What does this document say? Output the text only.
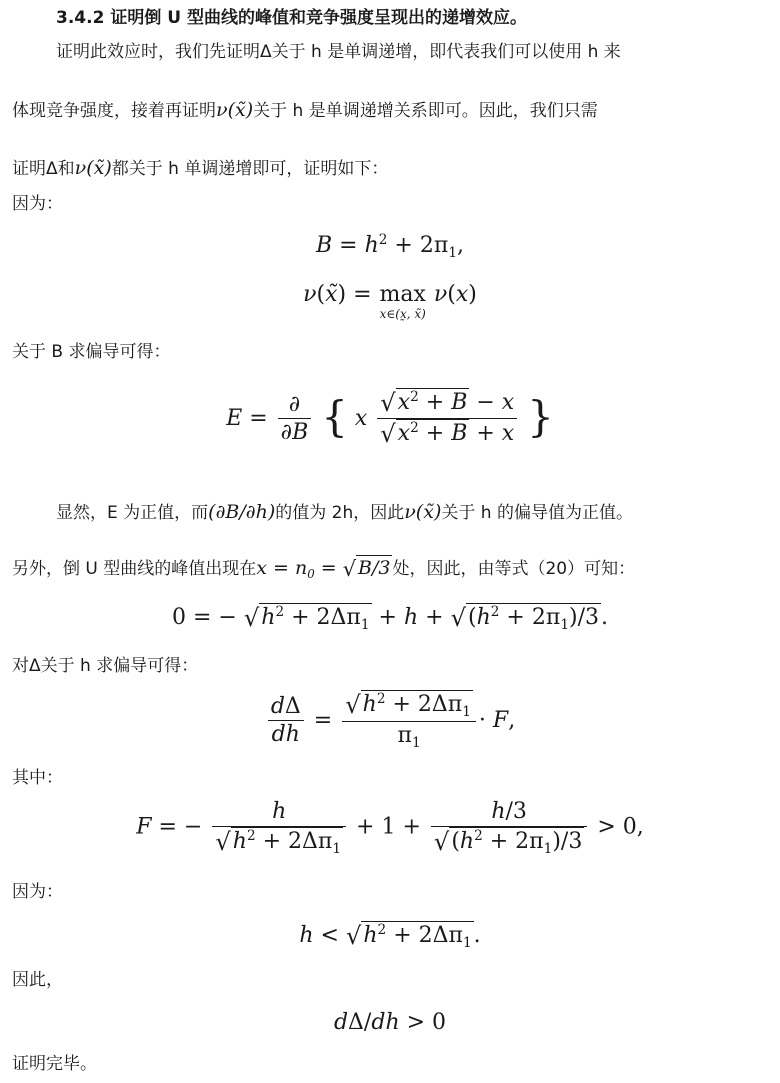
3.4.2 证明倒 U 型曲线的峰值和竞争强度呈现出的递增效应。
证明此效应时，我们先证明Δ关于 h 是单调递增，即代表我们可以使用 h 来
体现竞争强度，接着再证明ν(x̃)关于 h 是单调递增关系即可。因此，我们只需
证明Δ和ν(x̃)都关于 h 单调递增即可，证明如下：
因为：
$B = h^2 + 2\pi_1$,
ν(x̃) = max
x∈(x̰, x̃)
ν(x)
关于 B 求偏导可得：
$E = \frac{\partial}{\partial B}$ { x $\frac{√x^2 + B - x}{√x^2 + B + x}$ }
显然，E 为正值，而(∂B/∂h)的值为 2h，因此ν(x̃)关于 h 的偏导值为正值。
另外，倒 U 型曲线的峰值出现在$x = n_0$ = √ B/3 处，因此，由等式（20）可知：
0 = − $√h^2 + 2\Delta\pi_1 + h + √(h^2 + 2\pi_1)/3$.
对Δ关于 h 求偏导可得：
$\frac{d\Delta}{dh} = \frac{√h^2 + 2\Delta\pi_1}{\pi_1} \cdot F$,
其中：
F = − $\frac{h}{√h^2 + 2\Delta\pi_1} + 1 + \frac{h/3}{√(h^2 + 2\pi_1)/3} > 0$,
因为：
$h < √h^2 + 2\Delta\pi_1$.
因此，
dΔ/dh > 0
证明完毕。
